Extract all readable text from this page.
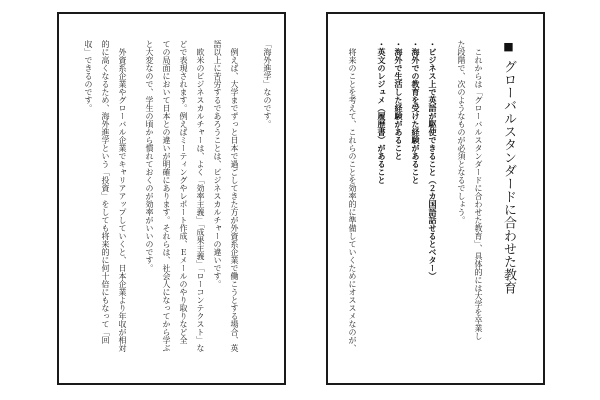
「海外進学」なのです。
例えば、大学までずっと日本で過ごしてきた方が外資系企業で働こうとする場合、英
語以上に苦労するであろうことは、ビジネスカルチャーの違いです。
欧米のビジネスカルチャーは、よく「効率主義」「成果主義」「ローコンテクスト」な
どで表現されます。例えばミーティングやレポート作成、Ｅメールのやり取りなど全
ての局面において日本との違いが明確にあります。それらは、社会人になってから学ぶ
と大変なので、学生の頃から慣れておくのが効率がいいのです。
外資系企業やグローバル企業でキャリアアップしていくと、日本企業より年収が相対
的に高くなるため、海外進学という「投資」をしても将来的に何十倍にもなって「回
収」できるのです。	■グローバルスタンダードに合わせた教育
これからは「グローバルスタンダードに合わせた教育」、具体的には大学を卒業し
た段階で、次のようなものが必須となるでしょう。
・ビジネス上で英語が駆使できること（２カ国語話せるとベター）
・海外での教育を受けた経験があること
・海外で生活した経験があること
・英文のレジュメ（履歴書）があること
将来のことを考えて、これらのことを効率的に準備していくためにオススメなのが、
